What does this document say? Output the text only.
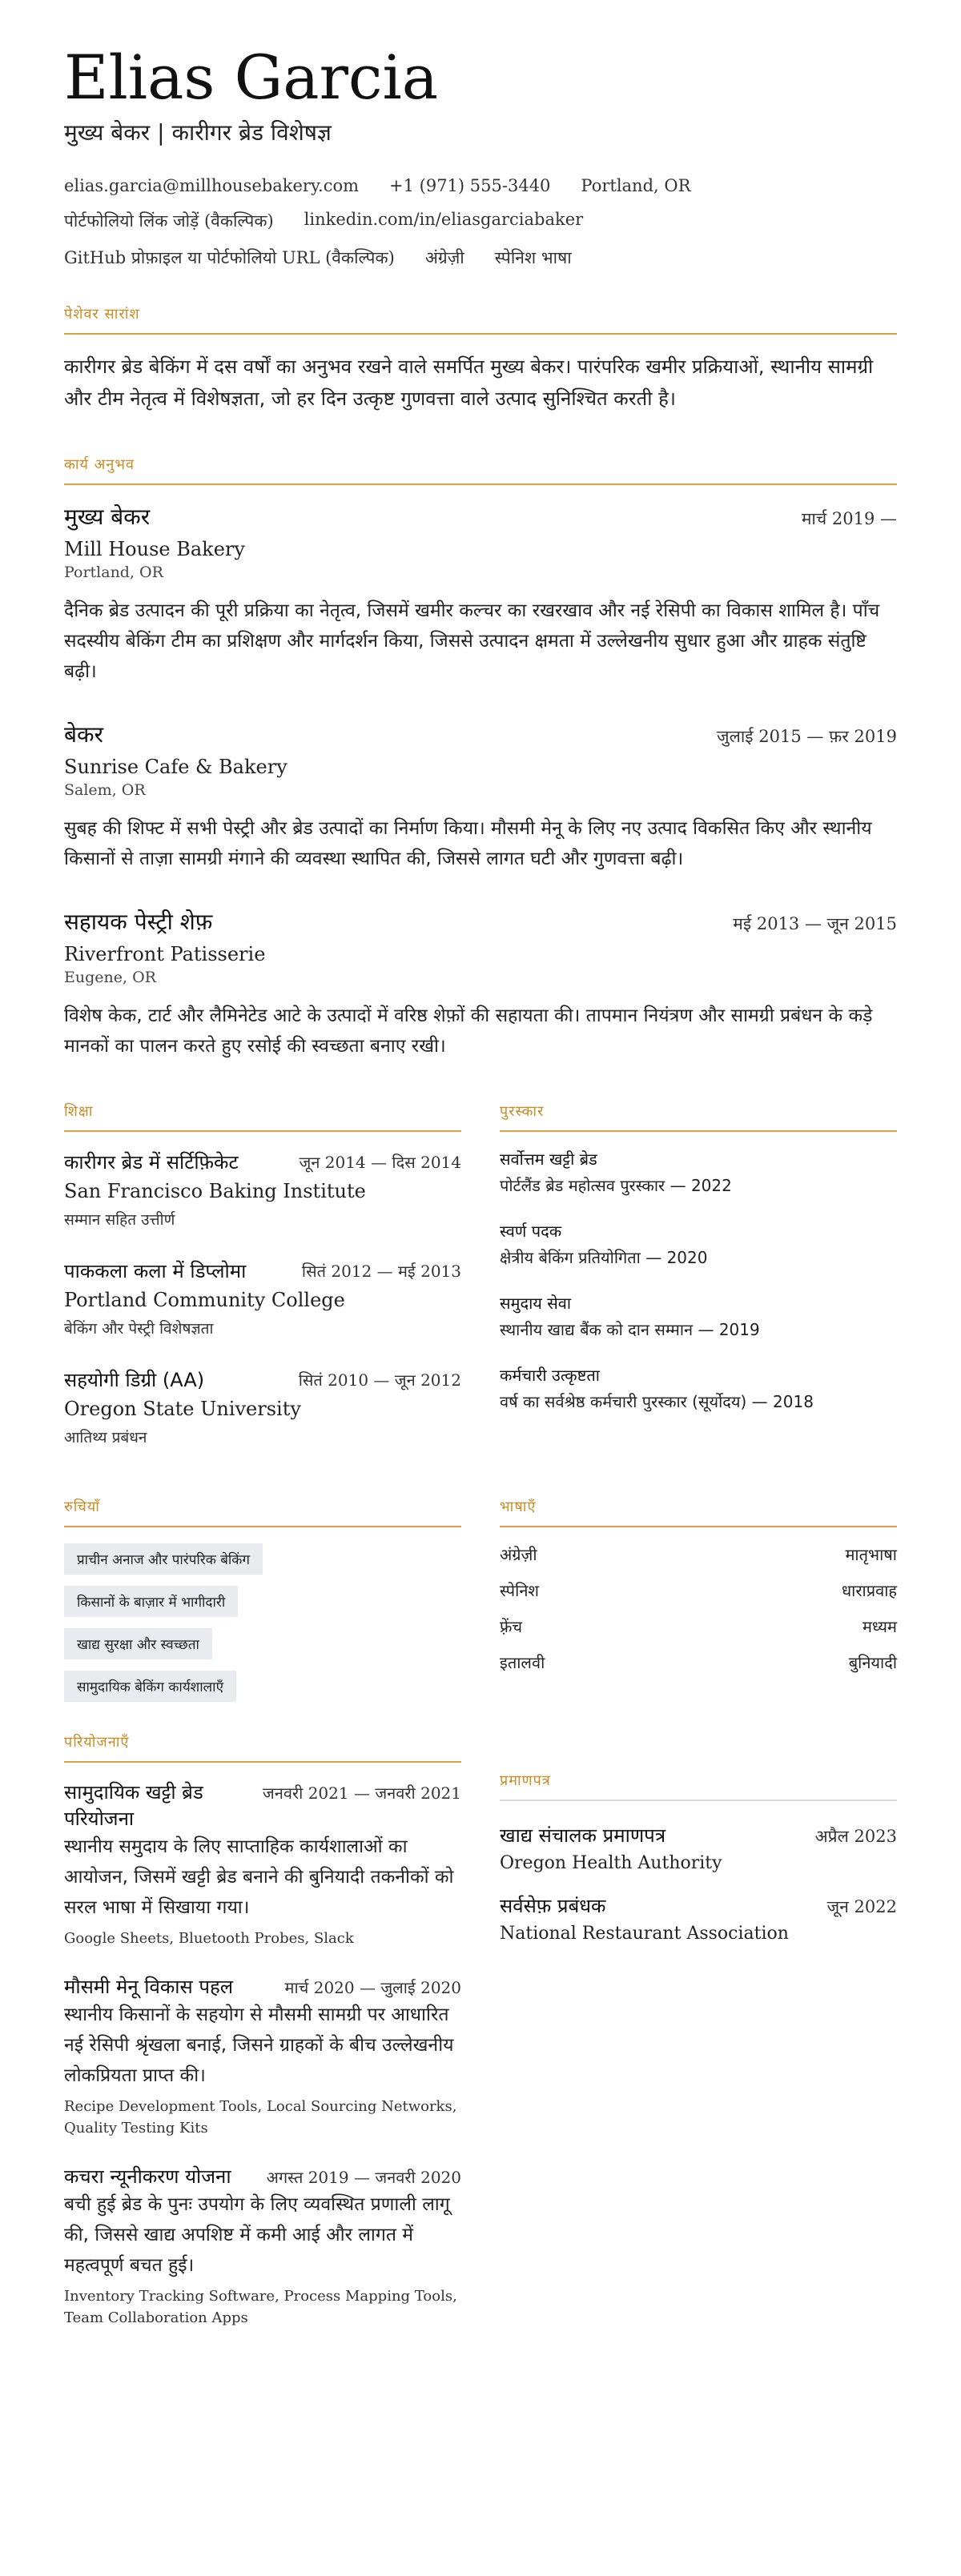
Elias Garcia
मुख्य बेकर | कारीगर ब्रेड विशेषज्ञ
elias.garcia@millhousebakery.com +1 (971) 555-3440 Portland, OR
पोर्टफोलियो लिंक जोड़ें (वैकल्पिक) linkedin.com/in/eliasgarciabaker
GitHub प्रोफ़ाइल या पोर्टफोलियो URL (वैकल्पिक) अंग्रेज़ी स्पेनिश भाषा
पेशेवर सारांश

कारीगर ब्रेड बेकिंग में दस वर्षों का अनुभव रखने वाले समर्पित मुख्य बेकर। पारंपरिक खमीर प्रक्रियाओं, स्थानीय सामग्री और टीम नेतृत्व में विशेषज्ञता, जो हर दिन उत्कृष्ट गुणवत्ता वाले उत्पाद सुनिश्चित करती है।

कार्य अनुभव
मुख्य बेकर	मार्च 2019 —
Mill House Bakery
Portland, OR
दैनिक ब्रेड उत्पादन की पूरी प्रक्रिया का नेतृत्व, जिसमें खमीर कल्चर का रखरखाव और नई रेसिपी का विकास शामिल है। पाँच सदस्यीय बेकिंग टीम का प्रशिक्षण और मार्गदर्शन किया, जिससे उत्पादन क्षमता में उल्लेखनीय सुधार हुआ और ग्राहक संतुष्टि बढ़ी।
बेकर	जुलाई 2015 — फ़र 2019
Sunrise Cafe & Bakery
Salem, OR
सुबह की शिफ्ट में सभी पेस्ट्री और ब्रेड उत्पादों का निर्माण किया। मौसमी मेनू के लिए नए उत्पाद विकसित किए और स्थानीय किसानों से ताज़ा सामग्री मंगाने की व्यवस्था स्थापित की, जिससे लागत घटी और गुणवत्ता बढ़ी।
सहायक पेस्ट्री शेफ़	मई 2013 — जून 2015
Riverfront Patisserie
Eugene, OR
विशेष केक, टार्ट और लैमिनेटेड आटे के उत्पादों में वरिष्ठ शेफ़ों की सहायता की। तापमान नियंत्रण और सामग्री प्रबंधन के कड़े मानकों का पालन करते हुए रसोई की स्वच्छता बनाए रखी।
शिक्षा
कारीगर ब्रेड में सर्टिफ़िकेट	जून 2014 — दिस 2014
San Francisco Baking Institute
सम्मान सहित उत्तीर्ण
पाककला कला में डिप्लोमा	सितं 2012 — मई 2013
Portland Community College
बेकिंग और पेस्ट्री विशेषज्ञता
सहयोगी डिग्री (AA)	सितं 2010 — जून 2012
Oregon State University
आतिथ्य प्रबंधन
पुरस्कार
सर्वोत्तम खट्टी ब्रेड
पोर्टलैंड ब्रेड महोत्सव पुरस्कार — 2022
स्वर्ण पदक
क्षेत्रीय बेकिंग प्रतियोगिता — 2020
समुदाय सेवा
स्थानीय खाद्य बैंक को दान सम्मान — 2019
कर्मचारी उत्कृष्टता
वर्ष का सर्वश्रेष्ठ कर्मचारी पुरस्कार (सूर्योदय) — 2018
रुचियाँ
प्राचीन अनाज और पारंपरिक बेकिंग
किसानों के बाज़ार में भागीदारी
खाद्य सुरक्षा और स्वच्छता
सामुदायिक बेकिंग कार्यशालाएँ
भाषाएँ
अंग्रेज़ी	मातृभाषा
स्पेनिश	धाराप्रवाह
फ़्रेंच	मध्यम
इतालवी	बुनियादी
परियोजनाएँ
सामुदायिक खट्टी ब्रेड परियोजना
जनवरी 2021 — जनवरी 2021
स्थानीय समुदाय के लिए साप्ताहिक कार्यशालाओं का आयोजन, जिसमें खट्टी ब्रेड बनाने की बुनियादी तकनीकों को सरल भाषा में सिखाया गया।
Google Sheets, Bluetooth Probes, Slack
मौसमी मेनू विकास पहल	मार्च 2020 — जुलाई 2020
स्थानीय किसानों के सहयोग से मौसमी सामग्री पर आधारित नई रेसिपी श्रृंखला बनाई, जिसने ग्राहकों के बीच उल्लेखनीय लोकप्रियता प्राप्त की।
Recipe Development Tools, Local Sourcing Networks, Quality Testing Kits
कचरा न्यूनीकरण योजना अगस्त 2019 — जनवरी 2020
बची हुई ब्रेड के पुनः उपयोग के लिए व्यवस्थित प्रणाली लागू की, जिससे खाद्य अपशिष्ट में कमी आई और लागत में महत्वपूर्ण बचत हुई।
Inventory Tracking Software, Process Mapping Tools, Team Collaboration Apps
प्रमाणपत्र
खाद्य संचालक प्रमाणपत्र	अप्रैल 2023
Oregon Health Authority
सर्वसेफ़ प्रबंधक	जून 2022
National Restaurant Association
